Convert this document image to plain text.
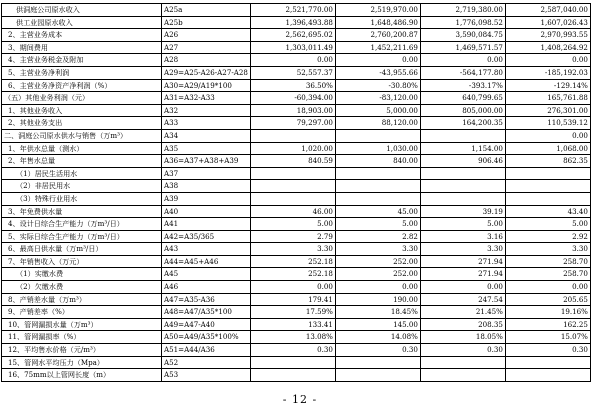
供洞庭公司原水收入	A25a	2,521,770.00	2,519,970.00	2,719,380.00	2,587,040.00
供工业园原水收入	A25b	1,396,493.88	1,648,486.90	1,776,098.52	1,607,026.43
2、主营业务成本	A26	2,562,695.02	2,760,200.87	3,590,084.75	2,970,993.55
3、期间费用	A27	1,303,011.49	1,452,211.69	1,469,571.57	1,408,264.92
4、主营业务税金及附加	A28	0.00	0.00	0.00	0.00
5、主营业务净利润	A29=A25-A26-A27-A28	52,557.37	-43,955.66	-564,177.80	-185,192.03
6、主营业务净资产净利润（%）	A30=A29/A19*100	36.50%	-30.80%	-393.17%	-129.14%
（五）其他业务利润（元）	A31=A32-A33	-60,394.00	-83,120.00	640,799.65	165,761.88
1、其他业务收入	A32	18,903.00	5,000.00	805,000.00	276,301.00
2、其他业务支出	A33	79,297.00	88,120.00	164,200.35	110,539.12
二、洞庭公司原水供水与销售（万m³）	A34				0.00
1、年供水总量（测水）	A35	1,020.00	1,030.00	1,154.00	1,068.00
2、年售水总量	A36=A37+A38+A39	840.59	840.00	906.46	862.35
（1）居民生活用水	A37				
（2）非居民用水	A38				
（3）特殊行业用水	A39				
3、年免费供水量	A40	46.00	45.00	39.19	43.40
4、设计日综合生产能力（万m³/日）	A41	5.00	5.00	5.00	5.00
5、实际日综合生产能力（万m³/日）	A42=A35/365	2.79	2.82	3.16	2.92
6、最高日供水量（万m³/日）	A43	3.30	3.30	3.30	3.30
7、年销售收入（万元）	A44=A45+A46	252.18	252.00	271.94	258.70
（1）实缴水费	A45	252.18	252.00	271.94	258.70
（2）欠缴水费	A46	0.00	0.00	0.00	0.00
8、产销差水量（万m³）	A47=A35-A36	179.41	190.00	247.54	205.65
9、产销差率（%）	A48=A47/A35*100	17.59%	18.45%	21.45%	19.16%
10、管网漏损水量（万m³）	A49=A47-A40	133.41	145.00	208.35	162.25
11、管网漏损率（%）	A50=A49/A35*100%	13.08%	14.08%	18.05%	15.07%
12、平均售水价格（元/m³）	A51=A44/A36	0.30	0.30	0.30	0.30
15、管网水平均压力（Mpa）	A52				
16、75mm以上管网长度（m）	A53				
- 12 -
